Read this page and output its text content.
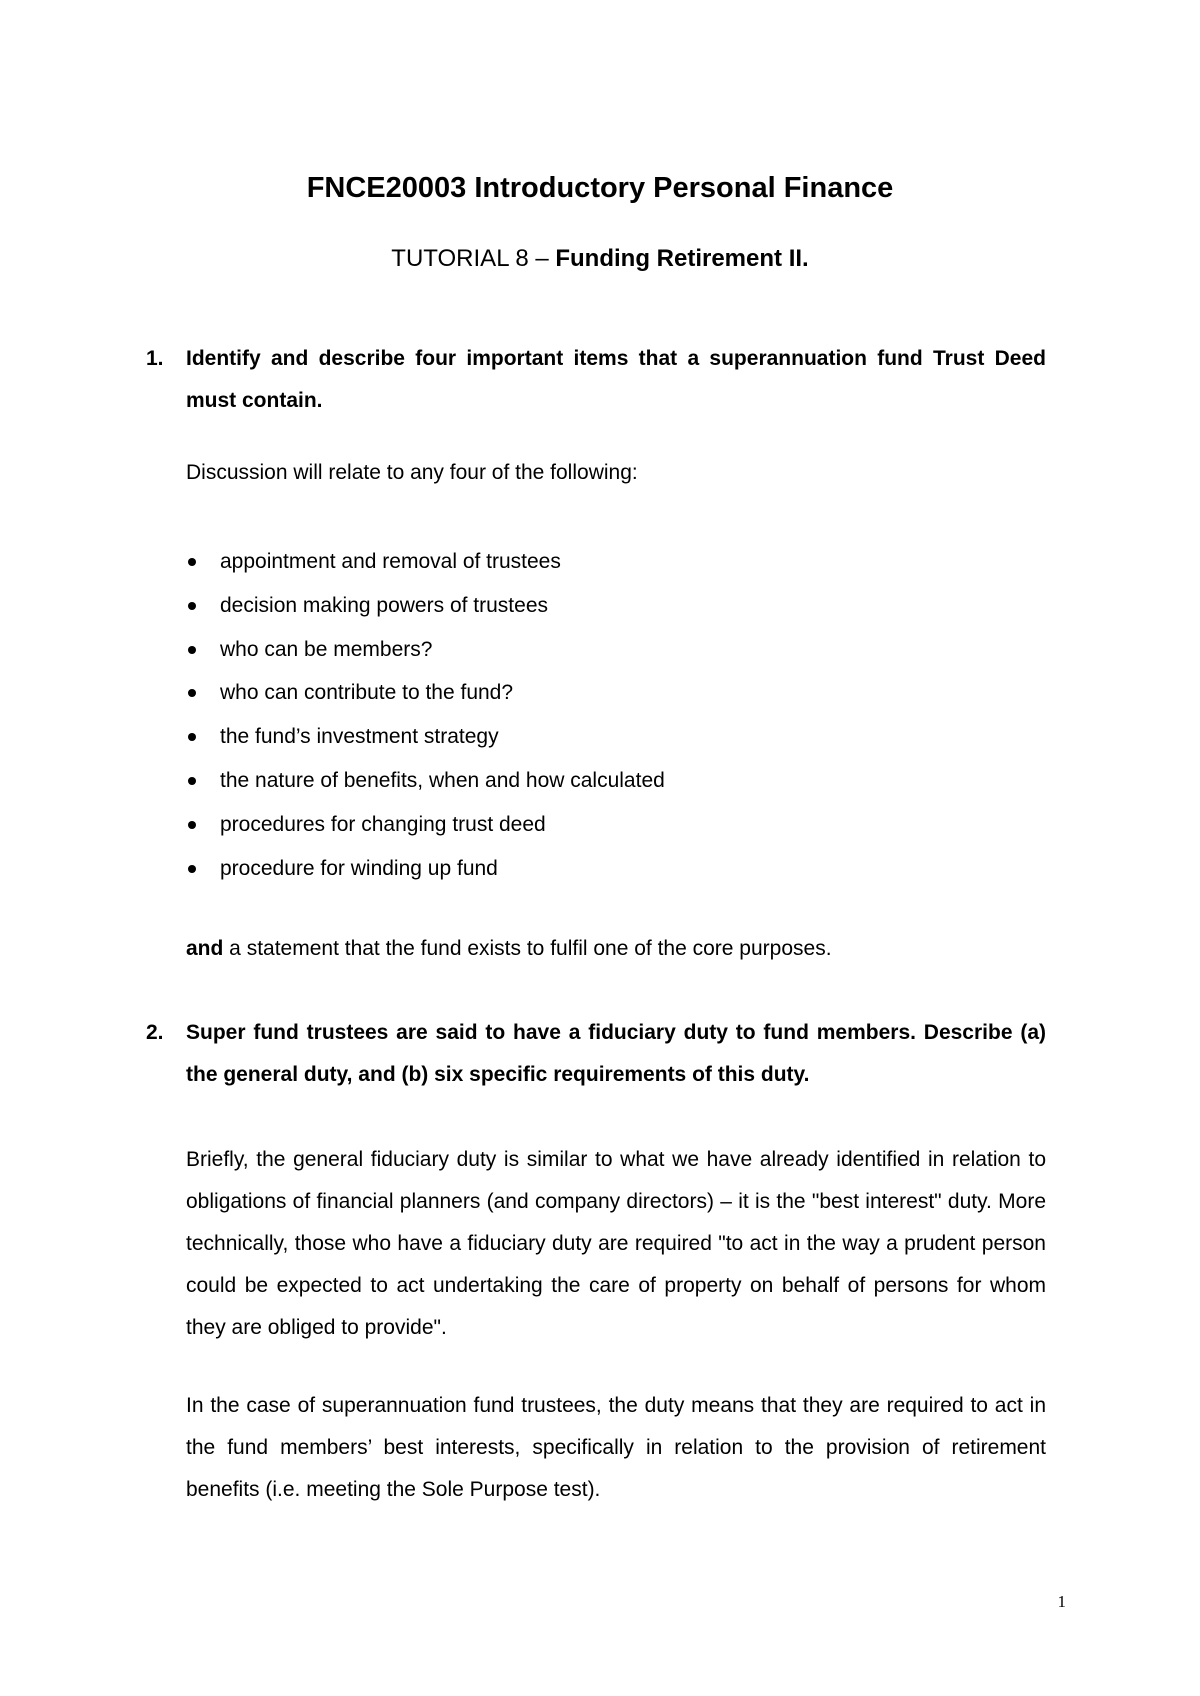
FNCE20003 Introductory Personal Finance
TUTORIAL 8 – Funding Retirement II.
1. Identify and describe four important items that a superannuation fund Trust Deed must contain.
Discussion will relate to any four of the following:
appointment and removal of trustees
decision making powers of trustees
who can be members?
who can contribute to the fund?
the fund’s investment strategy
the nature of benefits, when and how calculated
procedures for changing trust deed
procedure for winding up fund
and a statement that the fund exists to fulfil one of the core purposes.
2. Super fund trustees are said to have a fiduciary duty to fund members. Describe (a) the general duty, and (b) six specific requirements of this duty.
Briefly, the general fiduciary duty is similar to what we have already identified in relation to obligations of financial planners (and company directors) – it is the "best interest" duty. More technically, those who have a fiduciary duty are required "to act in the way a prudent person could be expected to act undertaking the care of property on behalf of persons for whom they are obliged to provide".
In the case of superannuation fund trustees, the duty means that they are required to act in the fund members’ best interests, specifically in relation to the provision of retirement benefits (i.e. meeting the Sole Purpose test).
1
